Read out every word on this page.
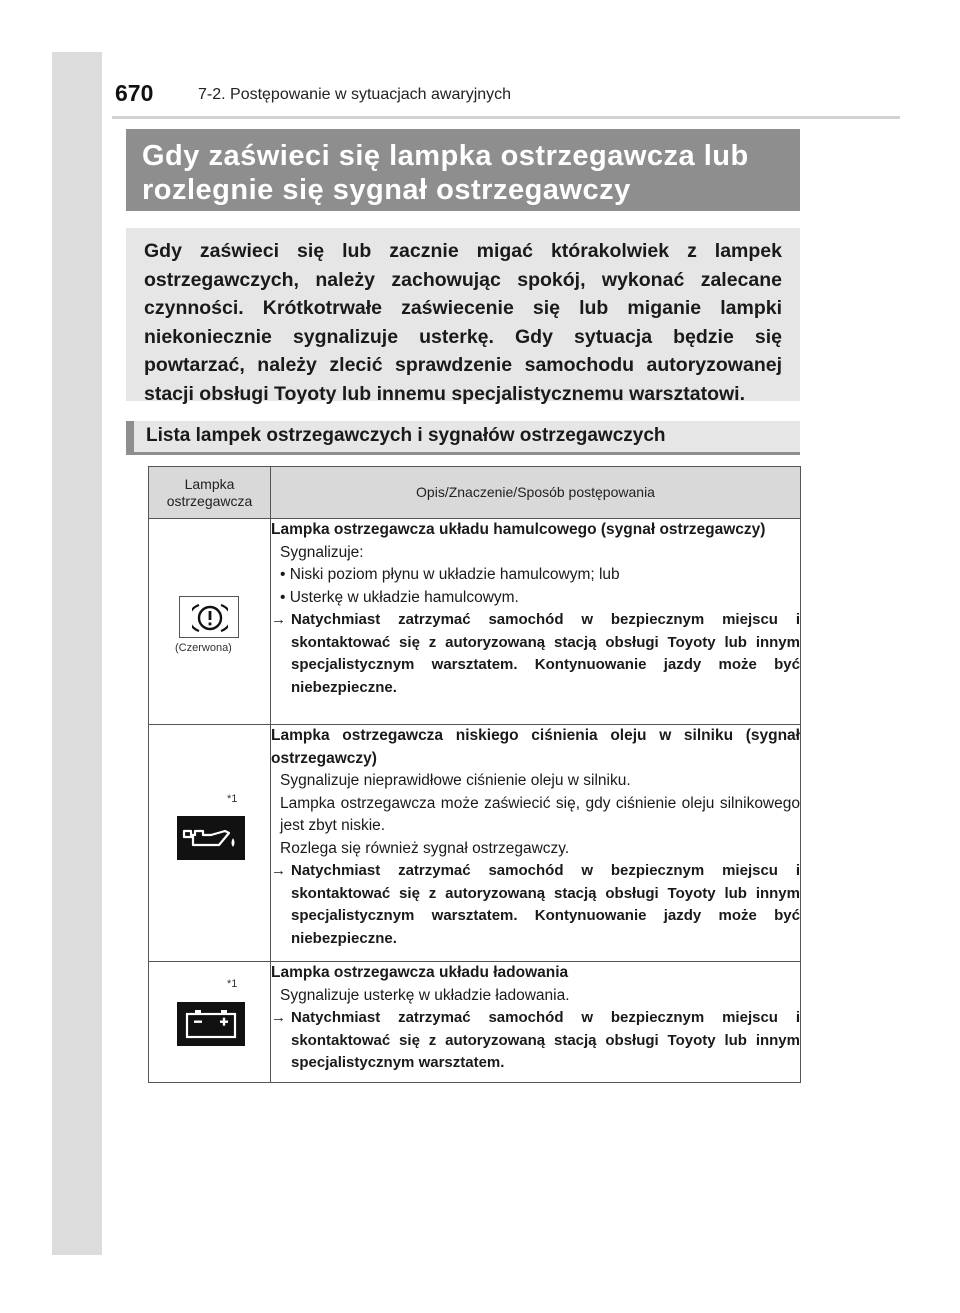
670	7-2. Postępowanie w sytuacjach awaryjnych

Gdy zaświeci się lampka ostrzegawcza lub

rozlegnie się sygnał ostrzegawczy

Gdy zaświeci się lub zacznie migać którakolwiek z lampek ostrzegawczych, należy zachowując spokój, wykonać zalecane czynności. Krótkotrwałe zaświecenie się lub miganie lampki niekoniecznie sygnalizuje usterkę. Gdy sytuacja będzie się powtarzać, należy zlecić sprawdzenie samochodu autoryzowanej stacji obsługi Toyoty lub innemu specjalistycznemu warsztatowi.

Lista lampek ostrzegawczych i sygnałów ostrzegawczych
Lampka ostrzegawcza	Opis/Znaczenie/Sposób postępowania

(Czerwona)	Lampka ostrzegawcza układu hamulcowego (sygnał ostrzegawczy)
Sygnalizuje:
• Niski poziom płynu w układzie hamulcowym; lub
• Usterkę w układzie hamulcowym.
→ Natychmiast zatrzymać samochód w bezpiecznym miejscu i skontaktować się z autoryzowaną stacją obsługi Toyoty lub innym specjalistycznym warsztatem. Kontynuowanie jazdy może być niebezpieczne.

*1	Lampka ostrzegawcza niskiego ciśnienia oleju w silniku (sygnał ostrzegawczy)
Sygnalizuje nieprawidłowe ciśnienie oleju w silniku.
Lampka ostrzegawcza może zaświecić się, gdy ciśnienie oleju silnikowego jest zbyt niskie.
Rozlega się również sygnał ostrzegawczy.
→ Natychmiast zatrzymać samochód w bezpiecznym miejscu i skontaktować się z autoryzowaną stacją obsługi Toyoty lub innym specjalistycznym warsztatem. Kontynuowanie jazdy może być niebezpieczne.

*1	Lampka ostrzegawcza układu ładowania
Sygnalizuje usterkę w układzie ładowania.
→ Natychmiast zatrzymać samochód w bezpiecznym miejscu i skontaktować się z autoryzowaną stacją obsługi Toyoty lub innym specjalistycznym warsztatem.
